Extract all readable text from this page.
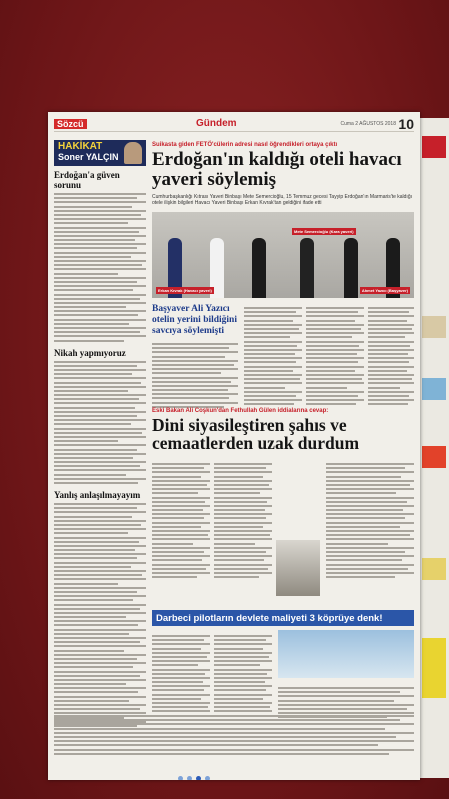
Sözcü	Gündem	Cuma 2 AĞUSTOS 2018 10
HAKİKAT
Soner YALÇIN
Erdoğan'a güven sorunu
Nikah yapmıyoruz
Yanlış anlaşılmayayım
Suikasta giden FETÖ'cülerin adresi nasıl öğrendikleri ortaya çıktı
Erdoğan'ın kaldığı oteli havacı yaveri söylemiş
Cumhurbaşkanlığı Kıtrası Yaveri Binbaşı Mete Semercioğlu, 15 Temmuz gecesi Tayyip Erdoğan'ın Marmaris'te kaldığı otele ilişkin bilgileri Havacı Yaveri Binbaşı Erkan Kıvrak'tan geldiğini ifade etti
Erkan Kıvrak (Havacı yaveri)
Mete Semercioğlu (Kara yaveri)
Ahmet Yazıcı (Başyaver)
Başyaver Ali Yazıcı otelin yerini bildiğini savcıya söylemişti
Eski Bakan Ali Coşkun'dan Fethullah Gülen iddialarına cevap:
Dini siyasileştiren şahıs ve cemaatlerden uzak durdum
Darbeci pilotların devlete maliyeti 3 köprüye denk!
